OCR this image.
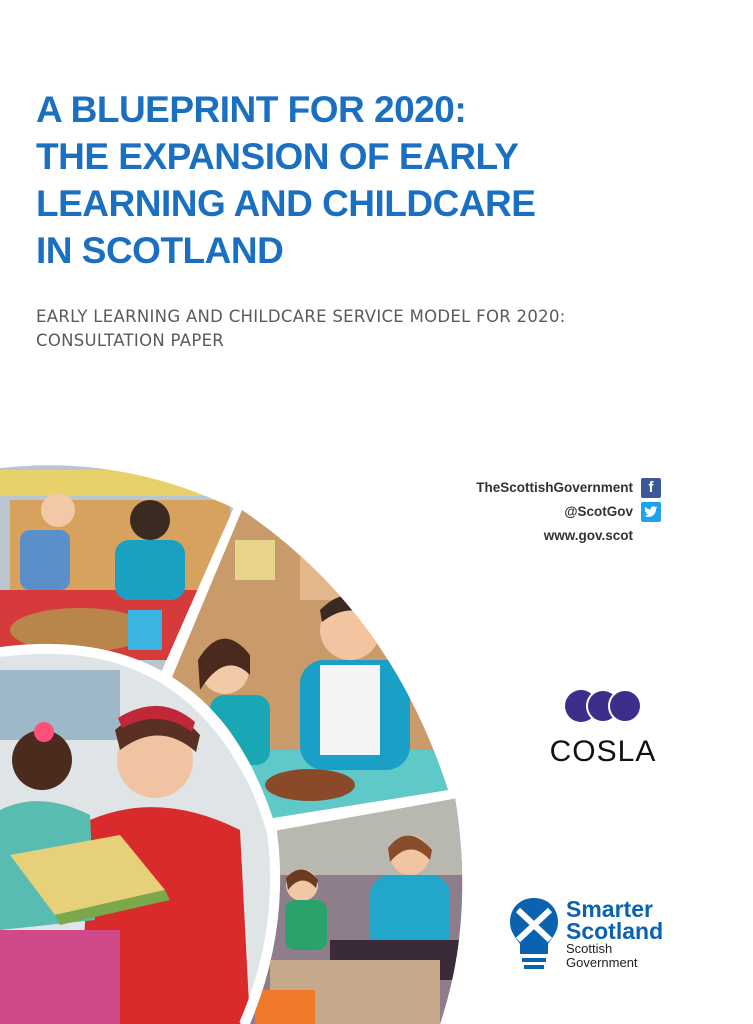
A BLUEPRINT FOR 2020:
THE EXPANSION OF EARLY
LEARNING AND CHILDCARE
IN SCOTLAND
EARLY LEARNING AND CHILDCARE SERVICE MODEL FOR 2020:
CONSULTATION PAPER
TheScottishGovernment	f
@ScotGov
www.gov.scot
COSLA
Smarter
Scotland
Scottish
Government
